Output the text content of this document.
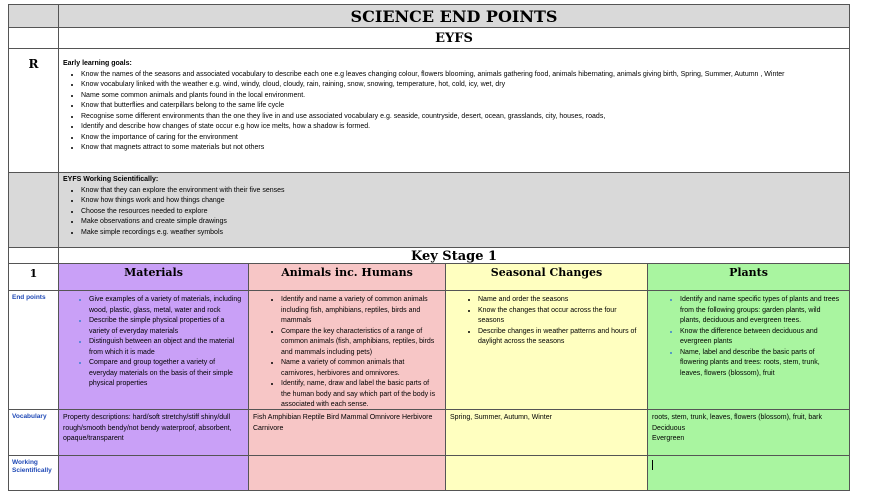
SCIENCE END POINTS
EYFS
R	Early learning goals:
• Know the names of the seasons and associated vocabulary to describe each one e.g leaves changing colour, flowers blooming, animals gathering food, animals hibernating, animals giving birth, Spring, Summer, Autumn , Winter
• Know vocabulary linked with the weather e.g. wind, windy, cloud, cloudy, rain, raining, snow, snowing, temperature, hot, cold, icy, wet, dry
• Name some common animals and plants found in the local environment.
• Know that butterflies and caterpillars belong to the same life cycle
• Recognise some different environments than the one they live in and use associated vocabulary e.g. seaside, countryside, desert, ocean, grasslands, city, houses, roads,
• Identify and describe how changes of state occur e.g how ice melts, how a shadow is formed.
• Know the importance of caring for the environment
• Know that magnets attract to some materials but not others
EYFS Working Scientifically:
• Know that they can explore the environment with their five senses
• Know how things work and how things change
• Choose the resources needed to explore
• Make observations and create simple drawings
• Make simple recordings e.g. weather symbols
Key Stage 1
1	Materials	Animals inc. Humans	Seasonal Changes	Plants
End points
•	Give examples of a variety of materials, including wood, plastic, glass, metal, water and rock
• Describe the simple physical properties of a variety of everyday materials
• Distinguish between an object and the material from which it is made
• Compare and group together a variety of everyday materials on the basis of their simple physical properties
• Identify and name a variety of common animals including fish, amphibians, reptiles, birds and mammals
• Compare the key characteristics of a range of common animals (fish, amphibians, reptiles, birds and mammals including pets)
• Name a variety of common animals that carnivores, herbivores and omnivores.
• Identify, name, draw and label the basic parts of the human body and say which part of the body is associated with each sense.
• Name and order the seasons
• Know the changes that occur across the four seasons
• Describe changes in weather patterns and hours of daylight across the seasons
• Identify and name specific types of plants and trees from the following groups: garden plants, wild plants, deciduous and evergreen trees.
• Know the difference between deciduous and evergreen plants
• Name, label and describe the basic parts of flowering plants and trees: roots, stem, trunk, leaves, flowers (blossom), fruit
Vocabulary	Property descriptions: hard/soft stretchy/stiff shiny/dull rough/smooth bendy/not bendy waterproof, absorbent, opaque/transparent
Fish Amphibian Reptile Bird Mammal Omnivore Herbivore Carnivore
Spring, Summer, Autumn, Winter	roots, stem, trunk, leaves, flowers (blossom), fruit, bark
Deciduous
Evergreen
Working Scientifically
